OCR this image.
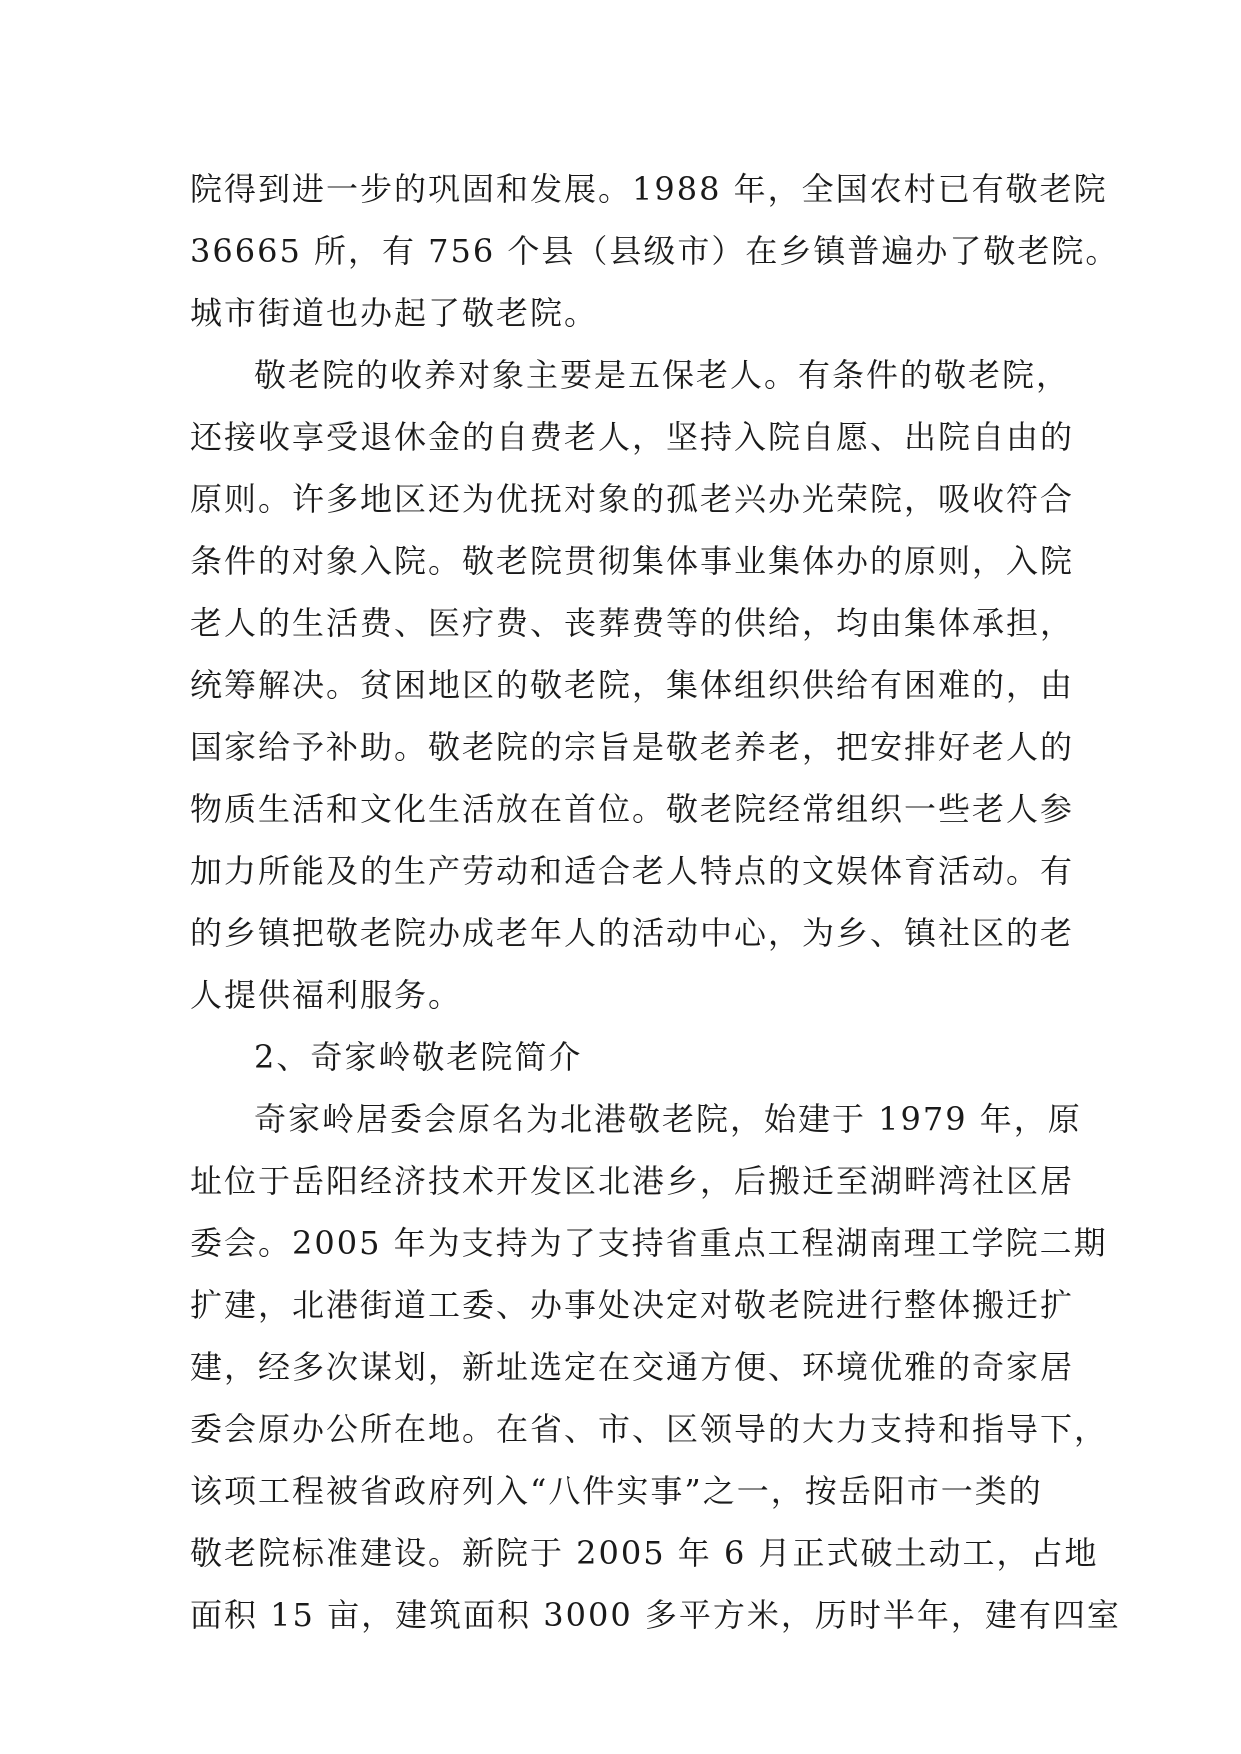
院得到进一步的巩固和发展。1988 年，全国农村已有敬老院
36665 所，有 756 个县（县级市）在乡镇普遍办了敬老院。
城市街道也办起了敬老院。
敬老院的收养对象主要是五保老人。有条件的敬老院，
还接收享受退休金的自费老人，坚持入院自愿、出院自由的
原则。许多地区还为优抚对象的孤老兴办光荣院，吸收符合
条件的对象入院。敬老院贯彻集体事业集体办的原则，入院
老人的生活费、医疗费、丧葬费等的供给，均由集体承担，
统筹解决。贫困地区的敬老院，集体组织供给有困难的，由
国家给予补助。敬老院的宗旨是敬老养老，把安排好老人的
物质生活和文化生活放在首位。敬老院经常组织一些老人参
加力所能及的生产劳动和适合老人特点的文娱体育活动。有
的乡镇把敬老院办成老年人的活动中心，为乡、镇社区的老
人提供福利服务。
2、奇家岭敬老院简介
奇家岭居委会原名为北港敬老院，始建于 1979 年，原
址位于岳阳经济技术开发区北港乡，后搬迁至湖畔湾社区居
委会。2005 年为支持为了支持省重点工程湖南理工学院二期
扩建，北港街道工委、办事处决定对敬老院进行整体搬迁扩
建，经多次谋划，新址选定在交通方便、环境优雅的奇家居
委会原办公所在地。在省、市、区领导的大力支持和指导下，
该项工程被省政府列入“八件实事”之一，按岳阳市一类的
敬老院标准建设。新院于 2005 年 6 月正式破土动工，占地
面积 15 亩，建筑面积 3000 多平方米，历时半年，建有四室
